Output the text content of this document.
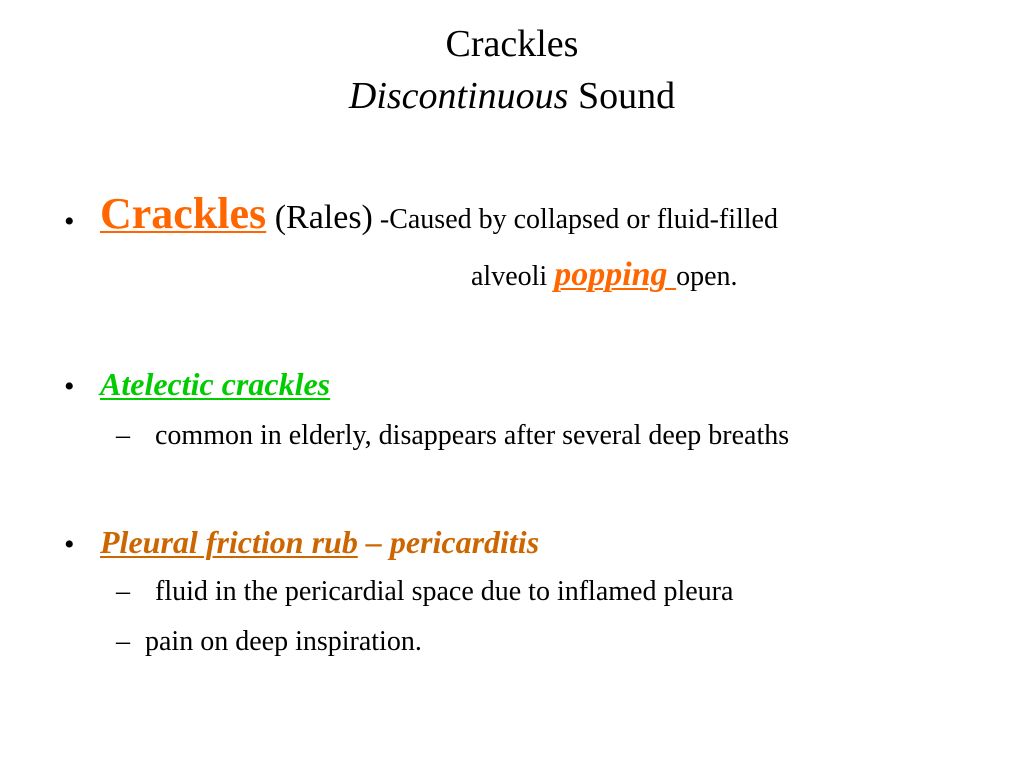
Crackles
Discontinuous Sound
• Crackles (Rales) -Caused by collapsed or fluid-filled
alveoli popping open.
• Atelectic crackles
– common in elderly, disappears after several deep breaths
• Pleural friction rub – pericarditis
– fluid in the pericardial space due to inflamed pleura
– pain on deep inspiration.
